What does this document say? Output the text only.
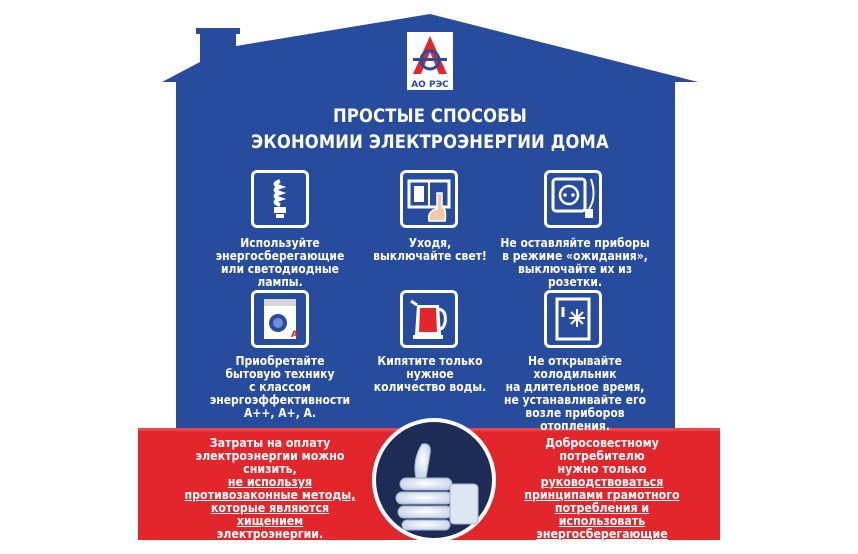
АО РЭС
ПРОСТЫЕ СПОСОБЫ
ЭКОНОМИИ ЭЛЕКТРОЭНЕРГИИ ДОМА
Используйте
энергосберегающие
или светодиодные лампы.
Уходя,
выключайте свет!
Не оставляйте приборы
в режиме «ожидания»,
выключайте их из розетки.
A
Приобретайте
бытовую технику
с классом
энергоэффективности
А++, А+, А.
Кипятите только
нужное
количество воды.
Не открывайте
холодильник
на длительное время,
не устанавливайте его
возле приборов отопления.
Затраты на оплату
электроэнергии можно
снизить,
не используя
противозаконные методы,
которые являются хищением
электроэнергии.
Добросовестному потребителю
нужно только
руководствоваться
принципами грамотного
потребления и
использовать
энергосберегающие технологии.
